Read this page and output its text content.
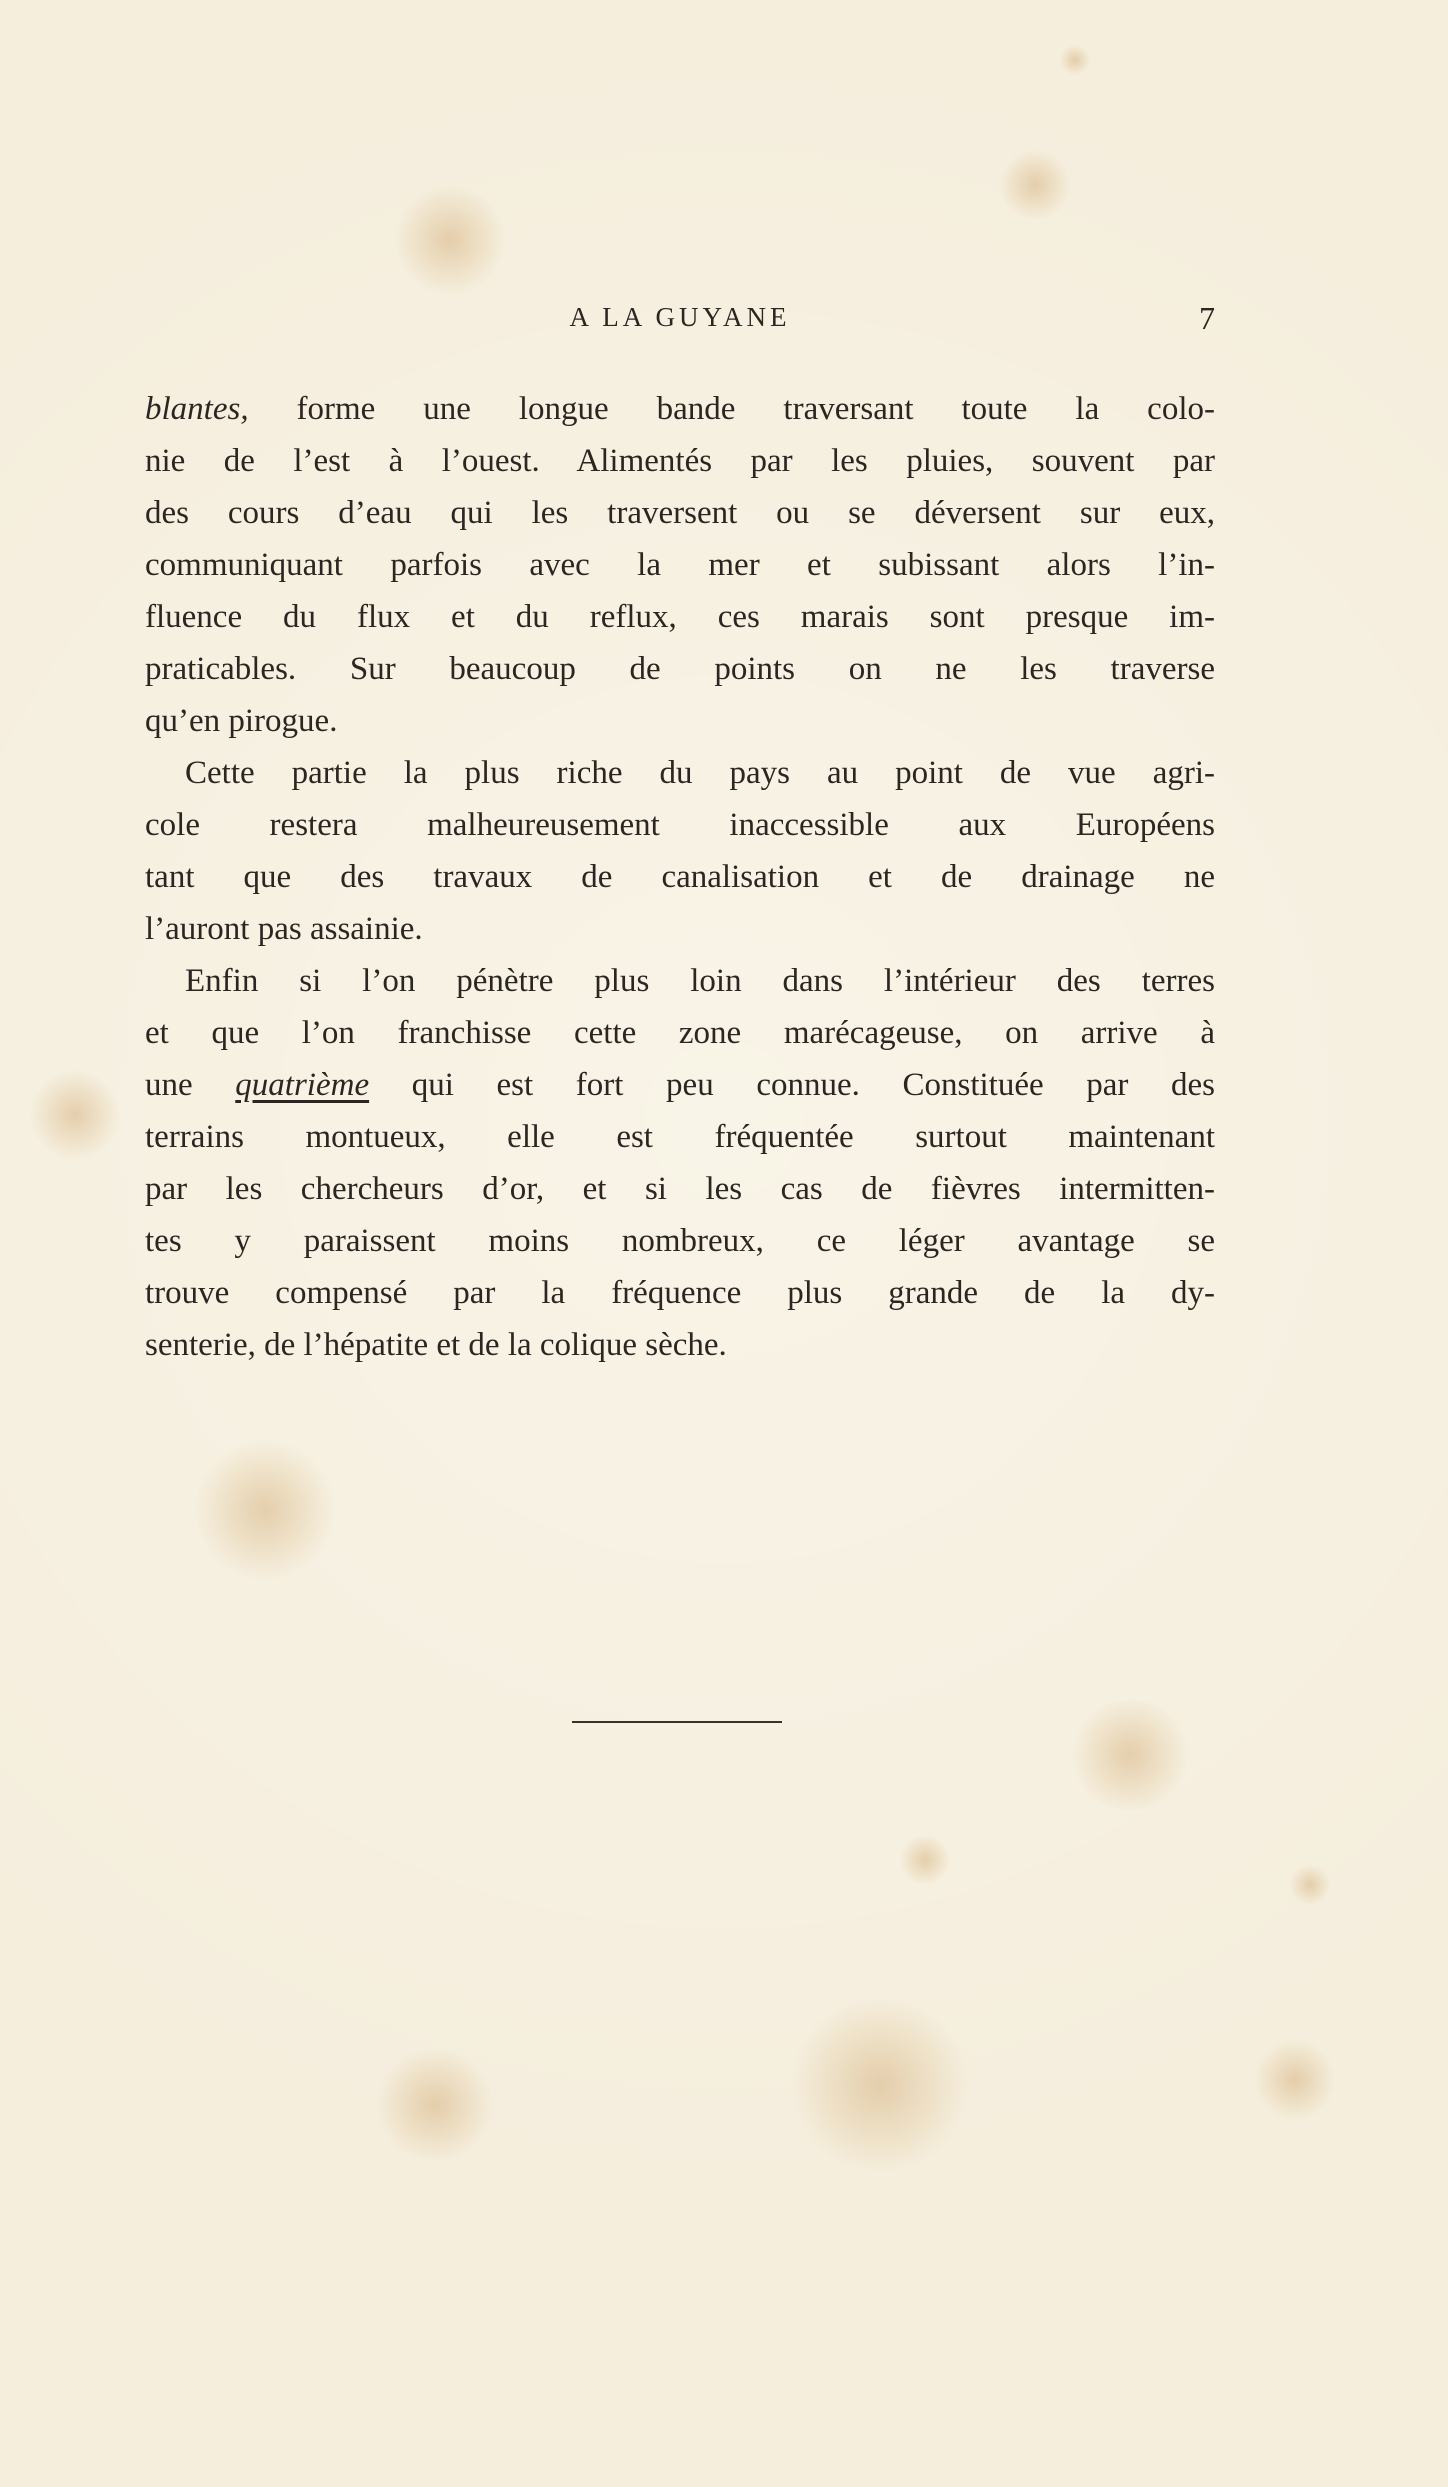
A LA GUYANE	7
blantes, forme une longue bande traversant toute la colo-
nie de l’est à l’ouest. Alimentés par les pluies, souvent par
des cours d’eau qui les traversent ou se déversent sur eux,
communiquant parfois avec la mer et subissant alors l’in-
fluence du flux et du reflux, ces marais sont presque im-
praticables. Sur beaucoup de points on ne les traverse
qu’en pirogue.
Cette partie la plus riche du pays au point de vue agri-
cole restera malheureusement inaccessible aux Européens
tant que des travaux de canalisation et de drainage ne
l’auront pas assainie.
Enfin si l’on pénètre plus loin dans l’intérieur des terres
et que l’on franchisse cette zone marécageuse, on arrive à
une quatrième qui est fort peu connue. Constituée par des
terrains montueux, elle est fréquentée surtout maintenant
par les chercheurs d’or, et si les cas de fièvres intermitten-
tes y paraissent moins nombreux, ce léger avantage se
trouve compensé par la fréquence plus grande de la dy-
senterie, de l’hépatite et de la colique sèche.
